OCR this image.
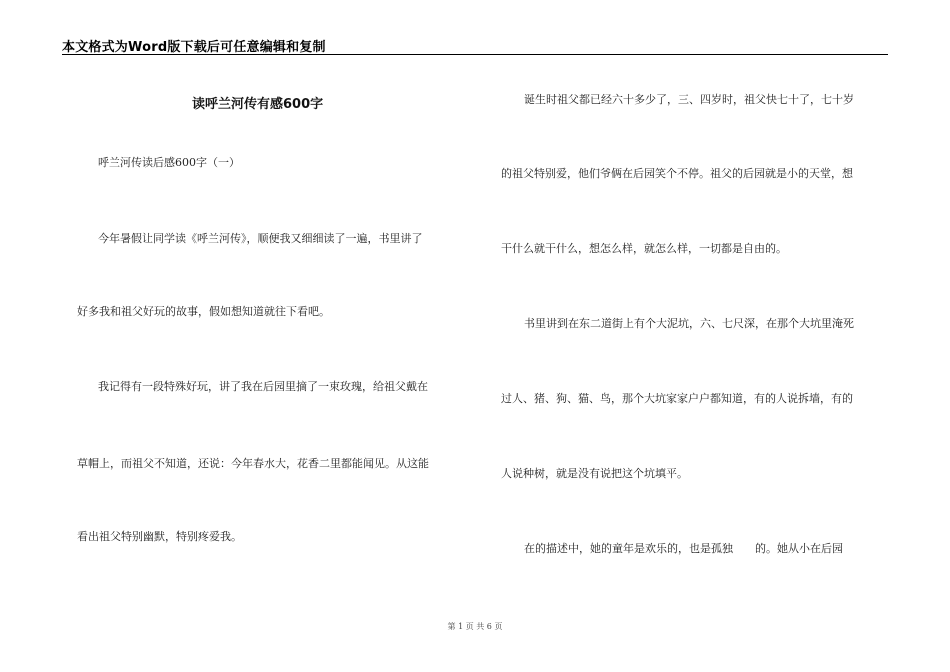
本文格式为Word版下载后可任意编辑和复制
读呼兰河传有感600字
呼兰河传读后感600字（一）
今年暑假让同学读《呼兰河传》，顺便我又细细读了一遍，书里讲了
好多我和祖父好玩的故事，假如想知道就往下看吧。
我记得有一段特殊好玩，讲了我在后园里摘了一束玫瑰，给祖父戴在
草帽上，而祖父不知道，还说：今年春水大，花香二里都能闻见。从这能
看出祖父特别幽默，特别疼爱我。
诞生时祖父都已经六十多少了，三、四岁时，祖父快七十了，七十岁
的祖父特别爱，他们爷俩在后园笑个不停。祖父的后园就是小的天堂，想
干什么就干什么，想怎么样，就怎么样，一切都是自由的。
书里讲到在东二道街上有个大泥坑，六、七尺深，在那个大坑里淹死
过人、猪、狗、猫、鸟，那个大坑家家户户都知道，有的人说拆墙，有的
人说种树，就是没有说把这个坑填平。
在的描述中，她的童年是欢乐的，也是孤独　　的。她从小在后园
第 1 页 共 6 页
